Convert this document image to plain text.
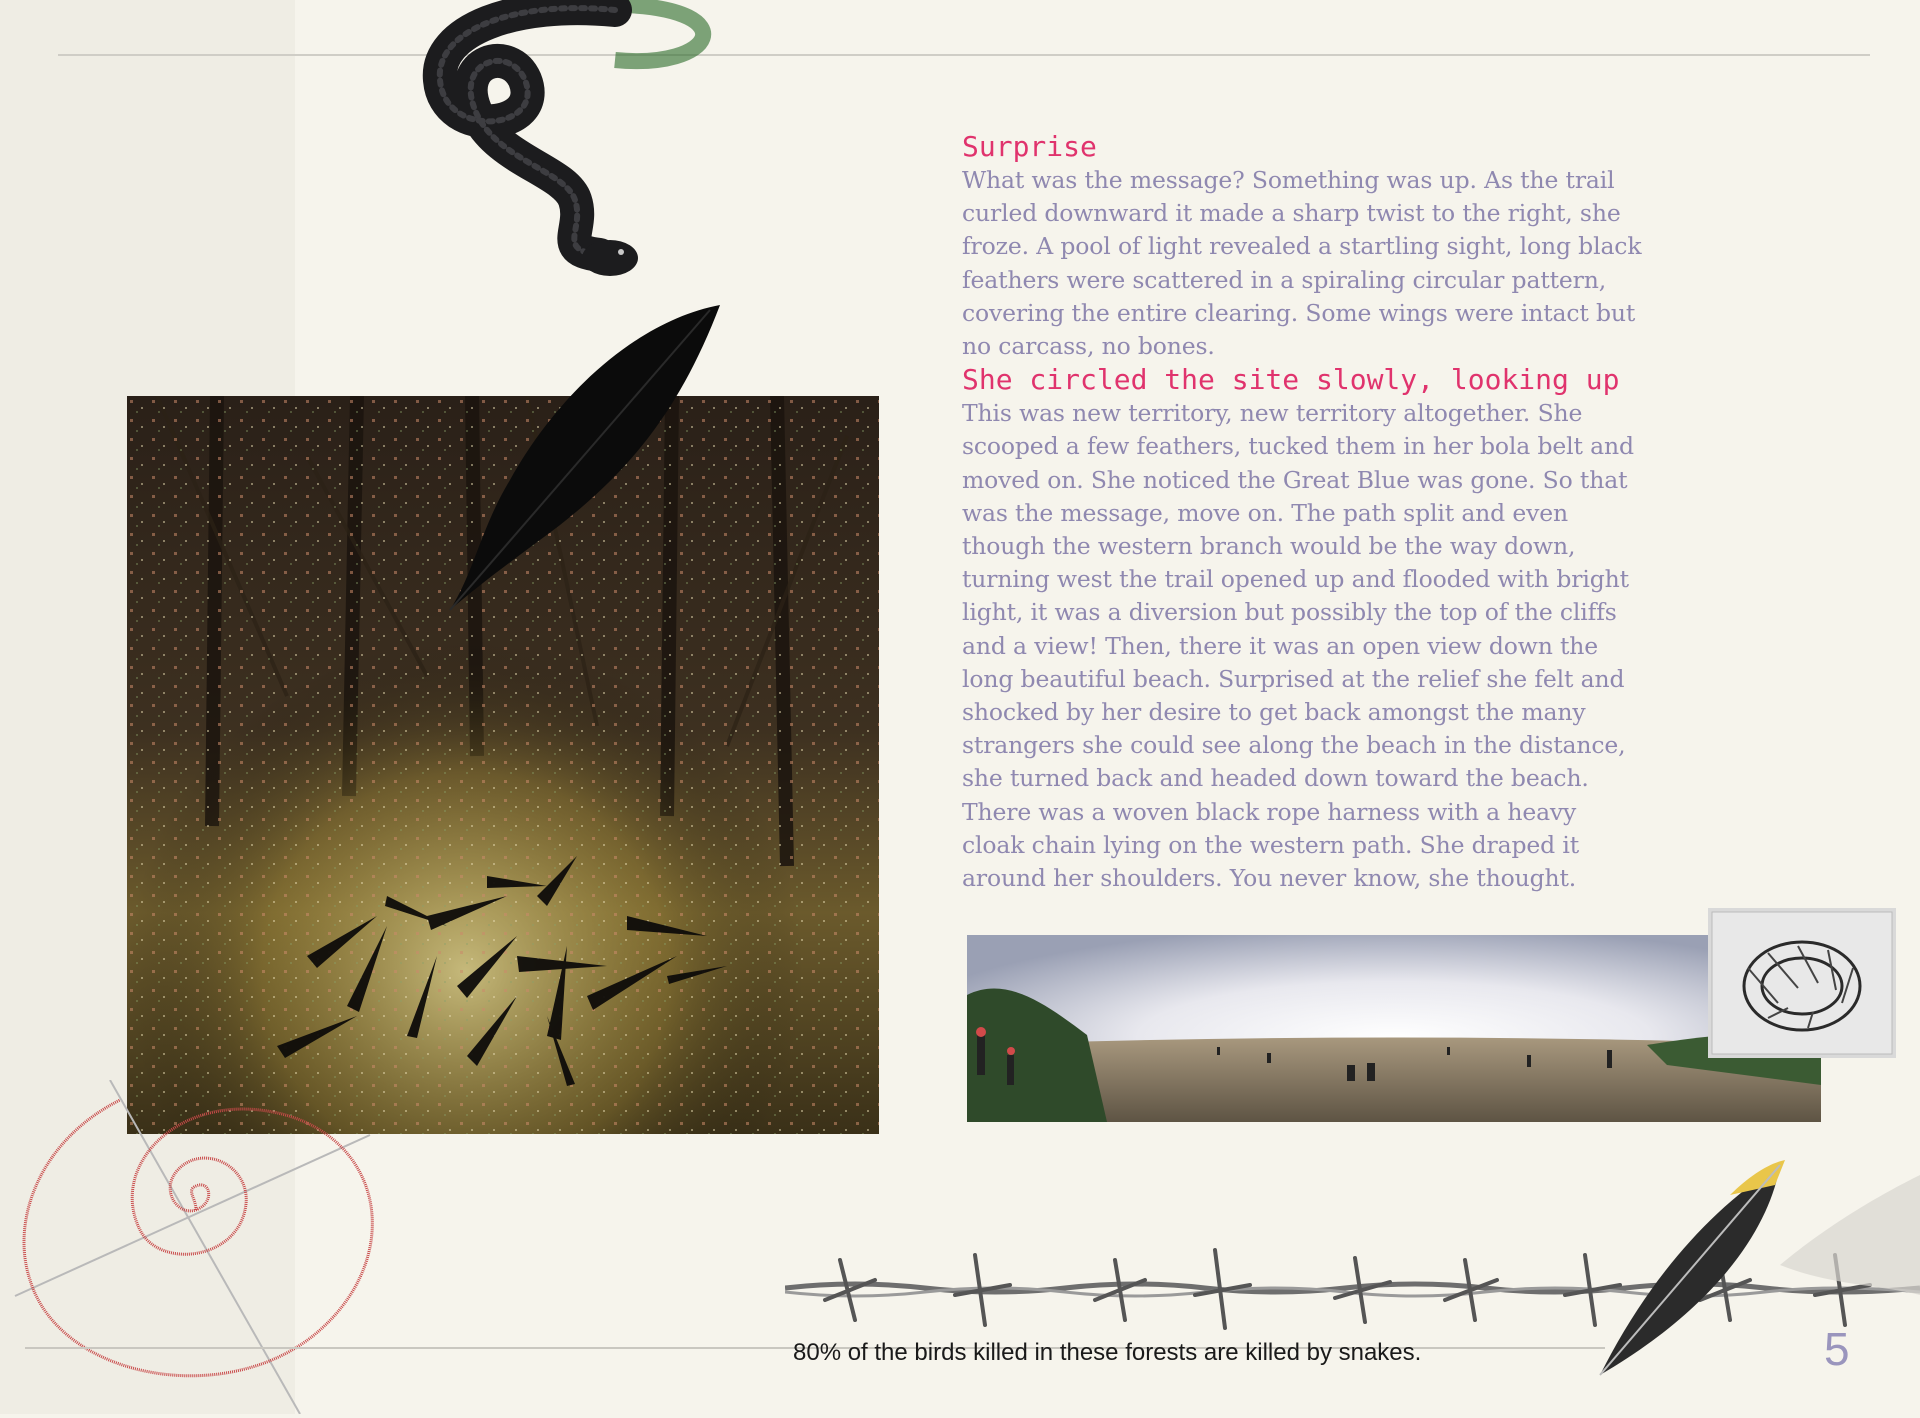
Surprise

What was the message? Something was up. As the trail
curled downward it made a sharp twist to the right, she
froze. A pool of light revealed a startling sight, long black
feathers were scattered in a spiraling circular pattern,
covering the entire clearing. Some wings were intact but
no carcass, no bones.

She circled the site slowly, looking up

This was new territory, new territory altogether. She
scooped a few feathers, tucked them in her bola belt and
moved on. She noticed the Great Blue was gone. So that
was the message, move on. The path split and even
though the western branch would be the way down,
turning west the trail opened up and flooded with bright
light, it was a diversion but possibly the top of the cliffs
and a view! Then, there it was an open view down the
long beautiful beach. Surprised at the relief she felt and
shocked by her desire to get back amongst the many
strangers she could see along the beach in the distance,
she turned back and headed down toward the beach.
There was a woven black rope harness with a heavy
cloak chain lying on the western path. She draped it
around her shoulders. You never know, she thought.

80% of the birds killed in these forests are killed by snakes.	5
